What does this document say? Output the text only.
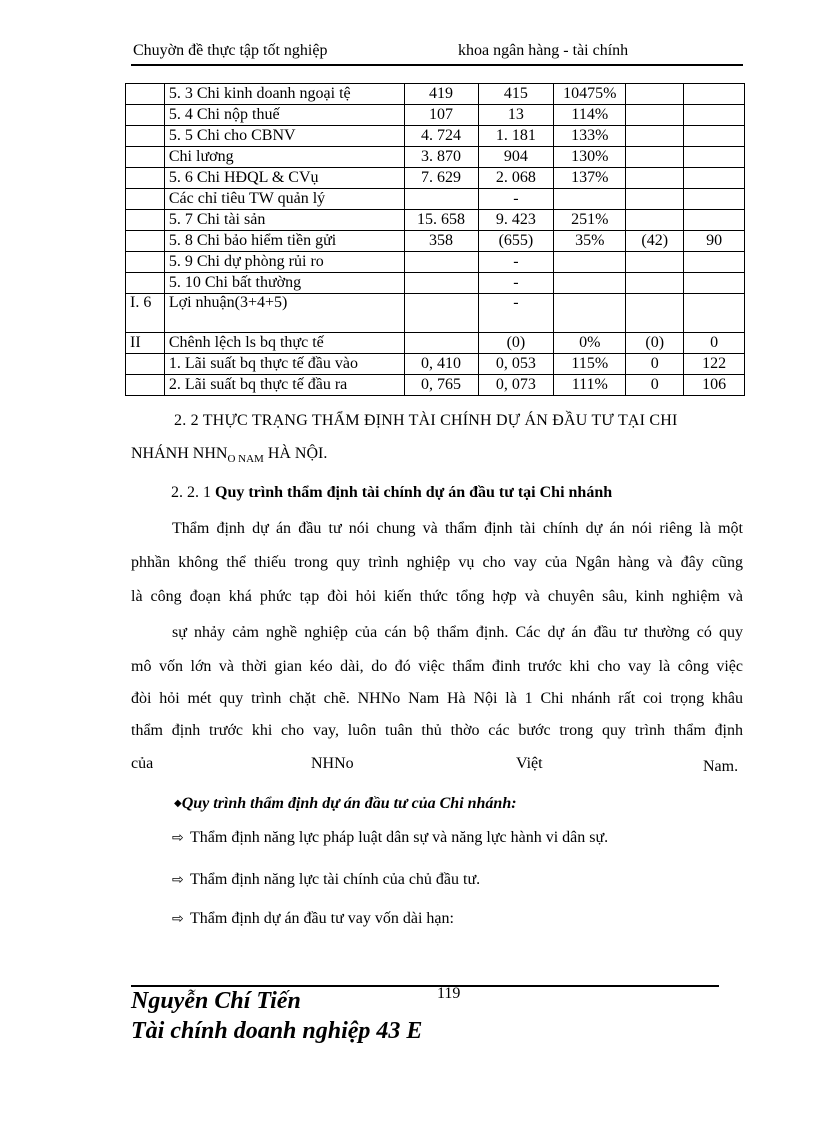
Chuyờn đề thực tập tốt nghiệp	khoa ngân hàng - tài chính
	5. 3 Chi kinh doanh ngoại tệ	419	415	10475%		
	5. 4 Chi nộp thuế	107	13	114%		
	5. 5 Chi cho CBNV	4. 724	1. 181	133%		
	Chi lương	3. 870	904	130%		
	5. 6 Chi HĐQL & CVụ	7. 629	2. 068	137%		
	Các chỉ tiêu TW quản lý		-			
	5. 7 Chi tài sản	15. 658	9. 423	251%		
	5. 8 Chi bảo hiểm tiền gửi	358	(655)	35%	(42)	90
	5. 9 Chi dự phòng rủi ro		-			
	5. 10 Chi bất thường		-			
I. 6	Lợi nhuận(3+4+5)		-			
II	Chênh lệch ls bq thực tế		(0)	0%	(0)	0
	1. Lãi suất bq thực tế đầu vào	0, 410	0, 053	115%	0	122
	2. Lãi suất bq thực tế đầu ra	0, 765	0, 073	111%	0	106
2. 2 THỰC TRẠNG THẨM ĐỊNH TÀI CHÍNH DỰ ÁN ĐẦU TƯ TẠI CHI
NHÁNH $NHN_{O NAM}$ HÀ NỘI.
2. 2. 1 Quy trình thẩm định tài chính dự án đầu tư tại Chi nhánh
Thẩm định dự án đầu tư nói chung và thẩm định tài chính dự án nói riêng là một
phhần không thể thiếu trong quy trình nghiệp vụ cho vay của Ngân hàng và đây cũng
là công đoạn khá phức tạp đòi hỏi kiến thức tổng hợp và chuyên sâu, kinh nghiệm và
sự nhảy cảm nghề nghiệp của cán bộ thẩm định. Các dự án đầu tư thường có quy
mô vốn lớn và thời gian kéo dài, do đó việc thẩm đinh trước khi cho vay là công việc
đòi hỏi mét quy trình chặt chẽ. NHNo Nam Hà Nội là 1 Chi nhánh rất coi trọng khâu
thẩm định trước khi cho vay, luôn tuân thủ thờo các bước trong quy trình thẩm định
của	NHNo	Việt	Nam.
◆Quy trình thẩm định dự án đầu tư của Chi nhánh:
⇨ Thẩm định năng lực pháp luật dân sự và năng lực hành vi dân sự.
⇨ Thẩm định năng lực tài chính của chủ đầu tư.
⇨ Thẩm định dự án đầu tư vay vốn dài hạn:
119
Nguyễn Chí Tiến
Tài chính doanh nghiệp 43 E
